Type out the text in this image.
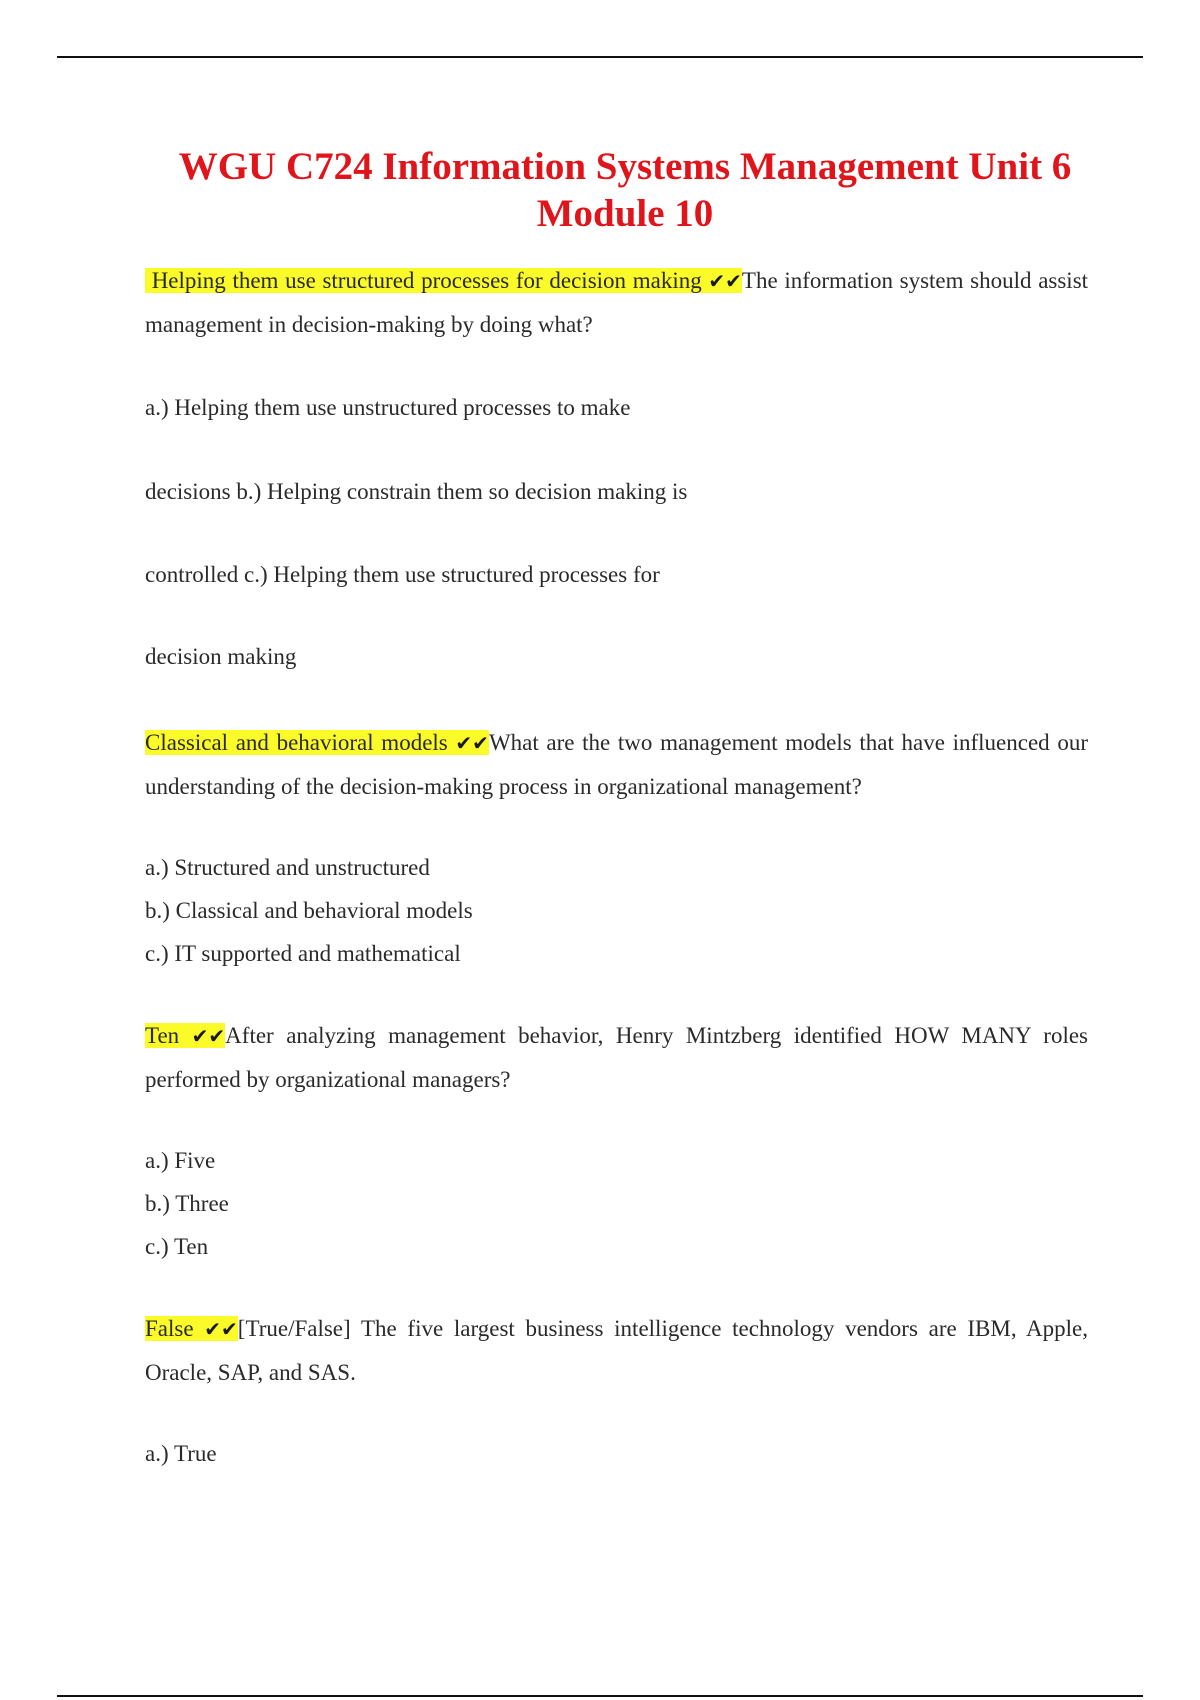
WGU C724 Information Systems Management Unit 6
Module 10

Helping them use structured processes for decision making ✔✔The information system should assist management in decision-making by doing what?

a.) Helping them use unstructured processes to make

decisions b.) Helping constrain them so decision making is

controlled c.) Helping them use structured processes for

decision making

Classical and behavioral models ✔✔What are the two management models that have influenced our understanding of the decision-making process in organizational management?

a.) Structured and unstructured

b.) Classical and behavioral models

c.) IT supported and mathematical

Ten ✔✔After analyzing management behavior, Henry Mintzberg identified HOW MANY roles performed by organizational managers?

a.) Five

b.) Three

c.) Ten

False ✔✔[True/False] The five largest business intelligence technology vendors are IBM, Apple, Oracle, SAP, and SAS.

a.) True
